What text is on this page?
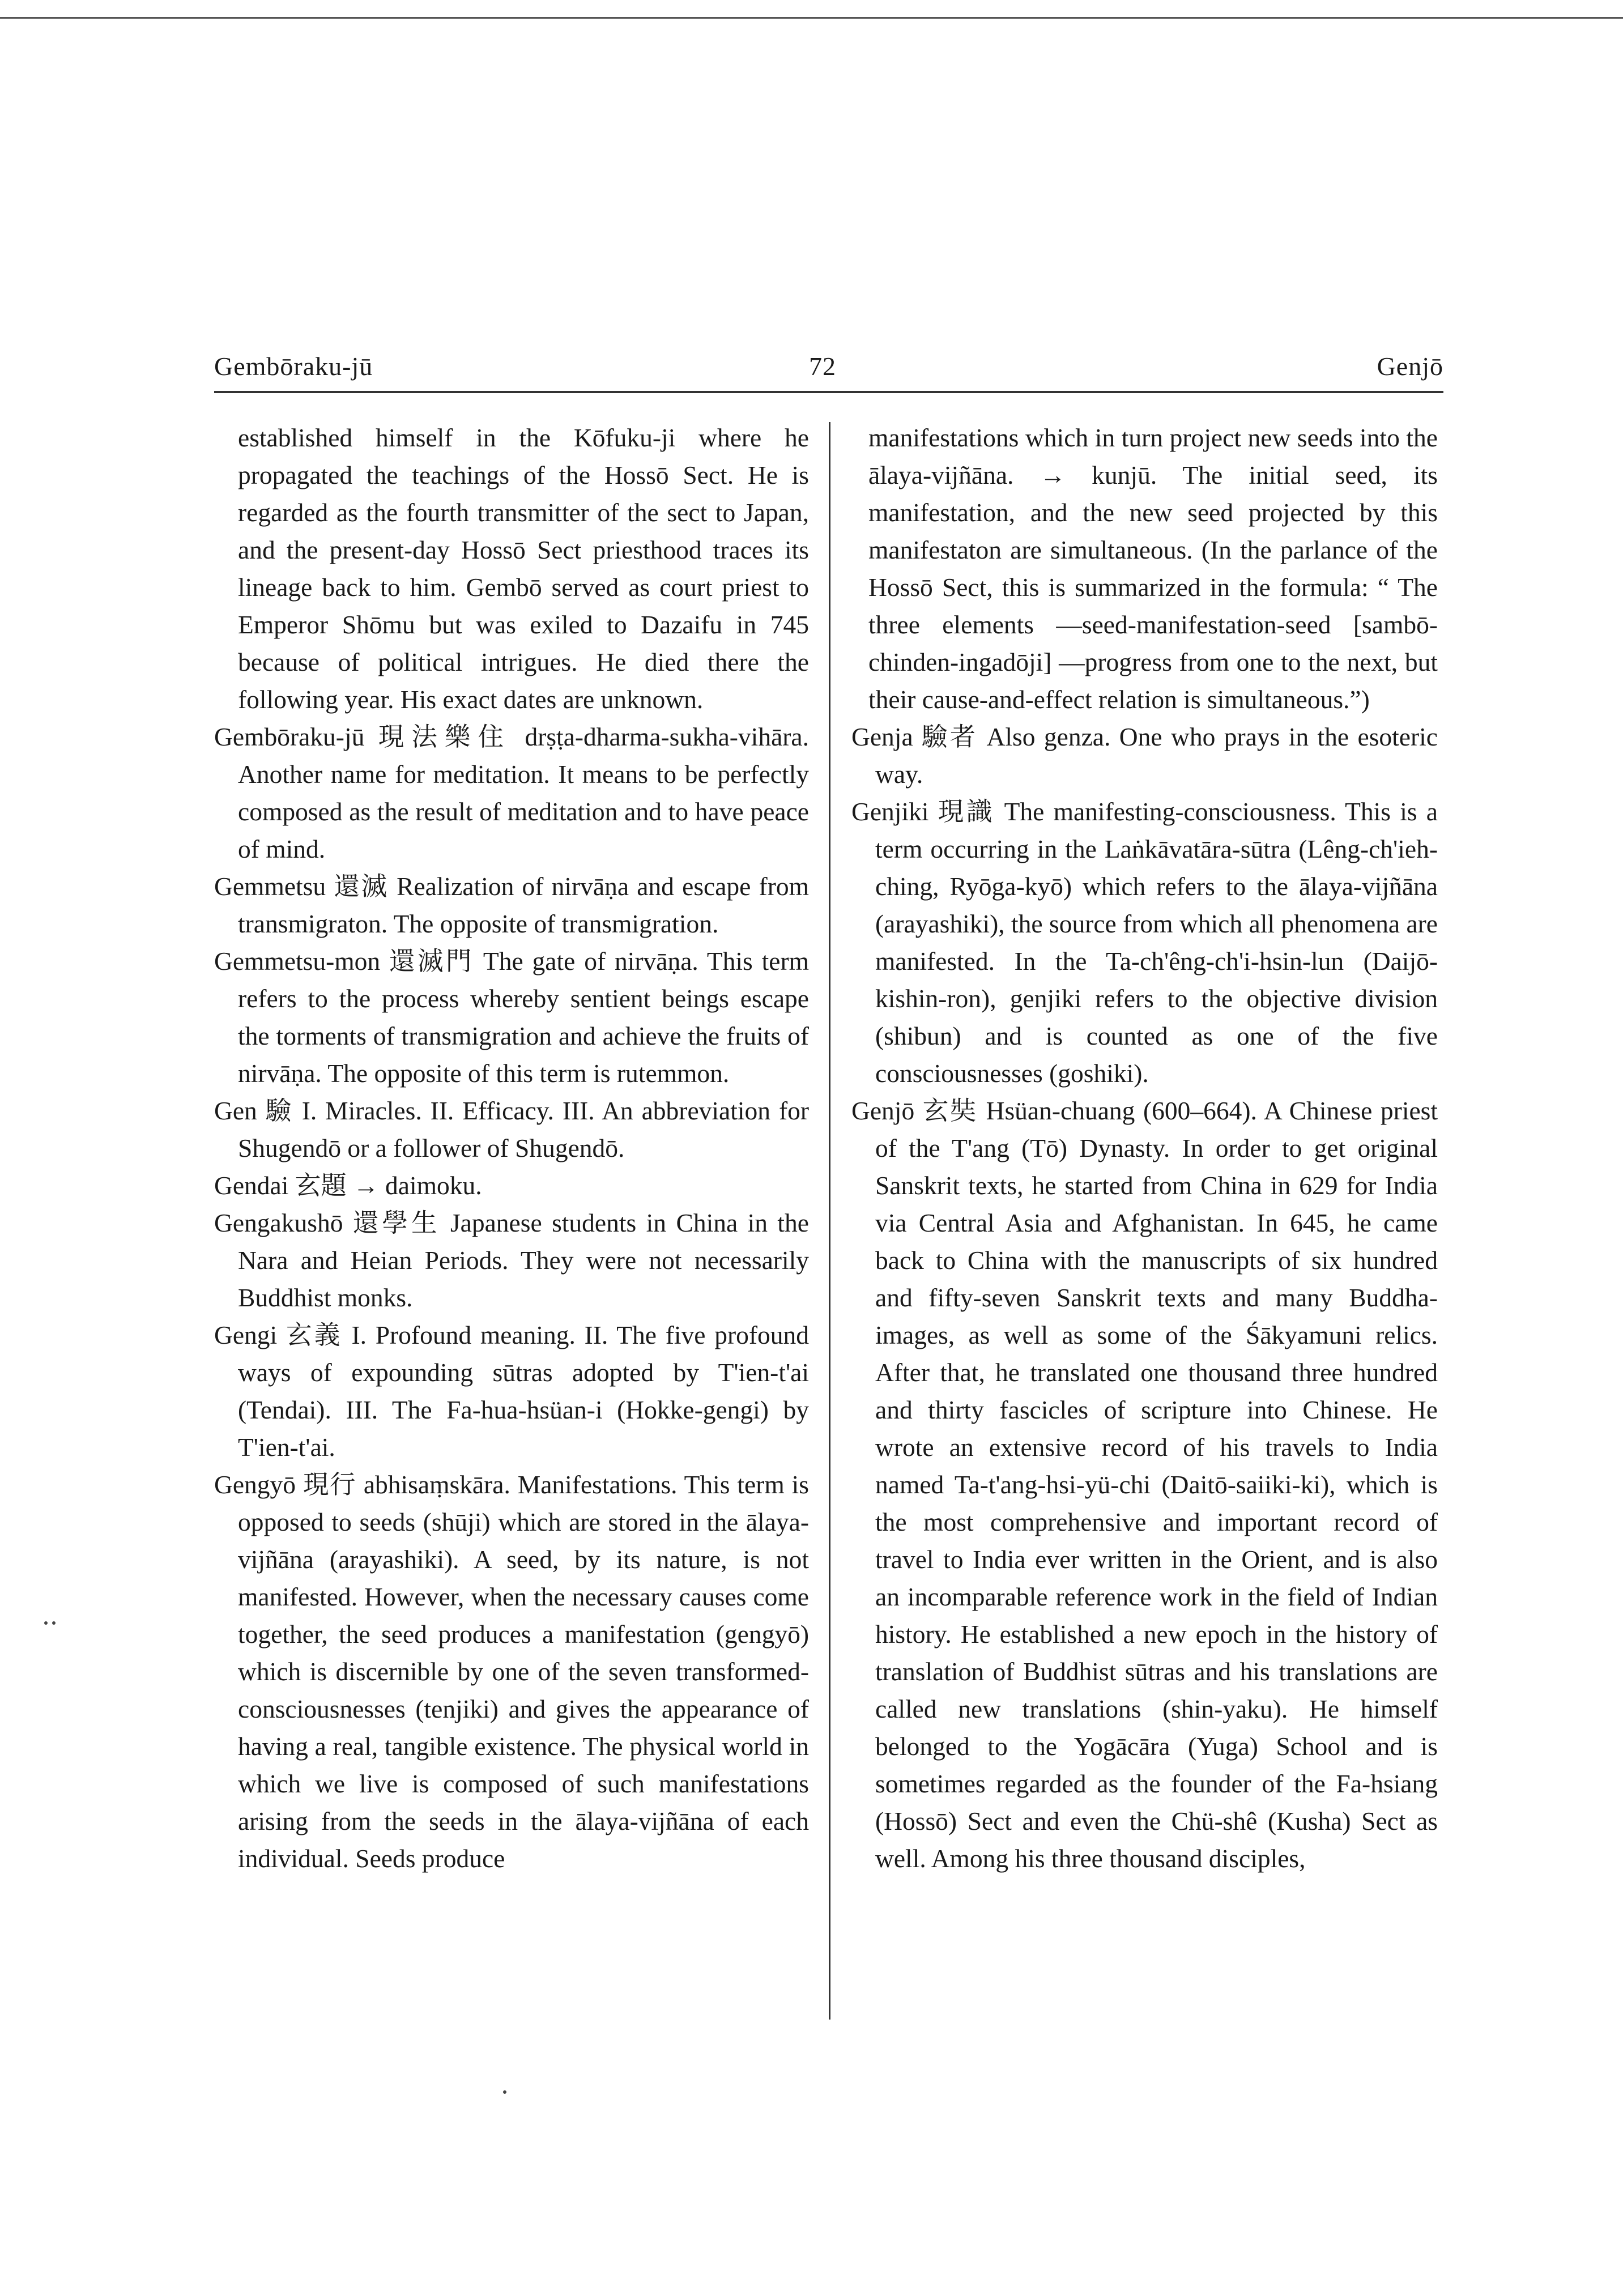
Gembōraku-jū	72	Genjō

established himself in the Kōfuku-ji where he propagated the teachings of the Hossō Sect. He is regarded as the fourth transmitter of the sect to Japan, and the present-day Hossō Sect priesthood traces its lineage back to him. Gembō served as court priest to Emperor Shōmu but was exiled to Dazaifu in 745 because of political intrigues. He died there the following year. His exact dates are unknown.

Gembōraku-jū 現法樂住 drṣṭa-dharma-sukha-vihāra. Another name for meditation. It means to be perfectly composed as the result of meditation and to have peace of mind.

Gemmetsu 還滅 Realization of nirvāṇa and escape from transmigraton. The opposite of transmigration.

Gemmetsu-mon 還滅門 The gate of nirvāṇa. This term refers to the process whereby sentient beings escape the torments of transmigration and achieve the fruits of nirvāṇa. The opposite of this term is rutemmon.

Gen 驗 I. Miracles. II. Efficacy. III. An abbreviation for Shugendō or a follower of Shugendō.

Gendai 玄題 → daimoku.

Gengakushō 還學生 Japanese students in China in the Nara and Heian Periods. They were not necessarily Buddhist monks.

Gengi 玄義 I. Profound meaning. II. The five profound ways of expounding sūtras adopted by T'ien-t'ai (Tendai). III. The Fa-hua-hsüan-i (Hokke-gengi) by T'ien-t'ai.

Gengyō 現行 abhisaṃskāra. Manifestations. This term is opposed to seeds (shūji) which are stored in the ālaya-vijñāna (arayashiki). A seed, by its nature, is not manifested. However, when the necessary causes come together, the seed produces a manifestation (gengyō) which is discernible by one of the seven transformed-consciousnesses (tenjiki) and gives the appearance of having a real, tangible existence. The physical world in which we live is composed of such manifestations arising from the seeds in the ālaya-vijñāna of each individual. Seeds produce

manifestations which in turn project new seeds into the ālaya-vijñāna. → kunjū. The initial seed, its manifestation, and the new seed projected by this manifestaton are simultaneous. (In the parlance of the Hossō Sect, this is summarized in the formula: “ The three elements —seed-manifestation-seed [sambō-chinden-ingadōji] —progress from one to the next, but their cause-and-effect relation is simultaneous.”)

Genja 驗者 Also genza. One who prays in the esoteric way.

Genjiki 現識 The manifesting-consciousness. This is a term occurring in the Laṅkāvatāra-sūtra (Lêng-ch'ieh-ching, Ryōga-kyō) which refers to the ālaya-vijñāna (arayashiki), the source from which all phenomena are manifested. In the Ta-ch'êng-ch'i-hsin-lun (Daijō-kishin-ron), genjiki refers to the objective division (shibun) and is counted as one of the five consciousnesses (goshiki).

Genjō 玄奘 Hsüan-chuang (600–664). A Chinese priest of the T'ang (Tō) Dynasty. In order to get original Sanskrit texts, he started from China in 629 for India via Central Asia and Afghanistan. In 645, he came back to China with the manuscripts of six hundred and fifty-seven Sanskrit texts and many Buddha-images, as well as some of the Śākyamuni relics. After that, he translated one thousand three hundred and thirty fascicles of scripture into Chinese. He wrote an extensive record of his travels to India named Ta-t'ang-hsi-yü-chi (Daitō-saiiki-ki), which is the most comprehensive and important record of travel to India ever written in the Orient, and is also an incomparable reference work in the field of Indian history. He established a new epoch in the history of translation of Buddhist sūtras and his translations are called new translations (shin-yaku). He himself belonged to the Yogācāra (Yuga) School and is sometimes regarded as the founder of the Fa-hsiang (Hossō) Sect and even the Chü-shê (Kusha) Sect as well. Among his three thousand disciples,
